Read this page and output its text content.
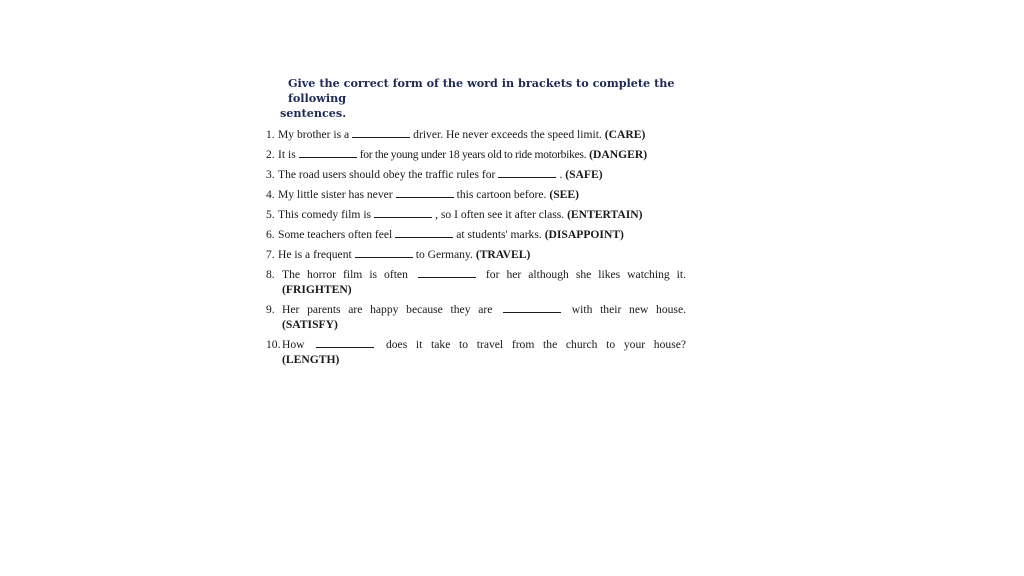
Give the correct form of the word in brackets to complete the following
sentences.
1. My brother is a	driver. He never exceeds the speed limit. (CARE)
2. It is	for the young under 18 years old to ride motorbikes. (DANGER)
3. The road users should obey the traffic rules for	. (SAFE)
4. My little sister has never	this cartoon before. (SEE)
5. This comedy film is	, so I often see it after class. (ENTERTAIN)
6. Some teachers often feel	at students' marks. (DISAPPOINT)
7. He is a frequent	to Germany. (TRAVEL)
8. The horror film is often	for her although she likes watching it.
(FRIGHTEN)
9. Her parents are happy because they are	with their new house.
(SATISFY)
10. How	does it take to travel from the church to your house?
(LENGTH)
